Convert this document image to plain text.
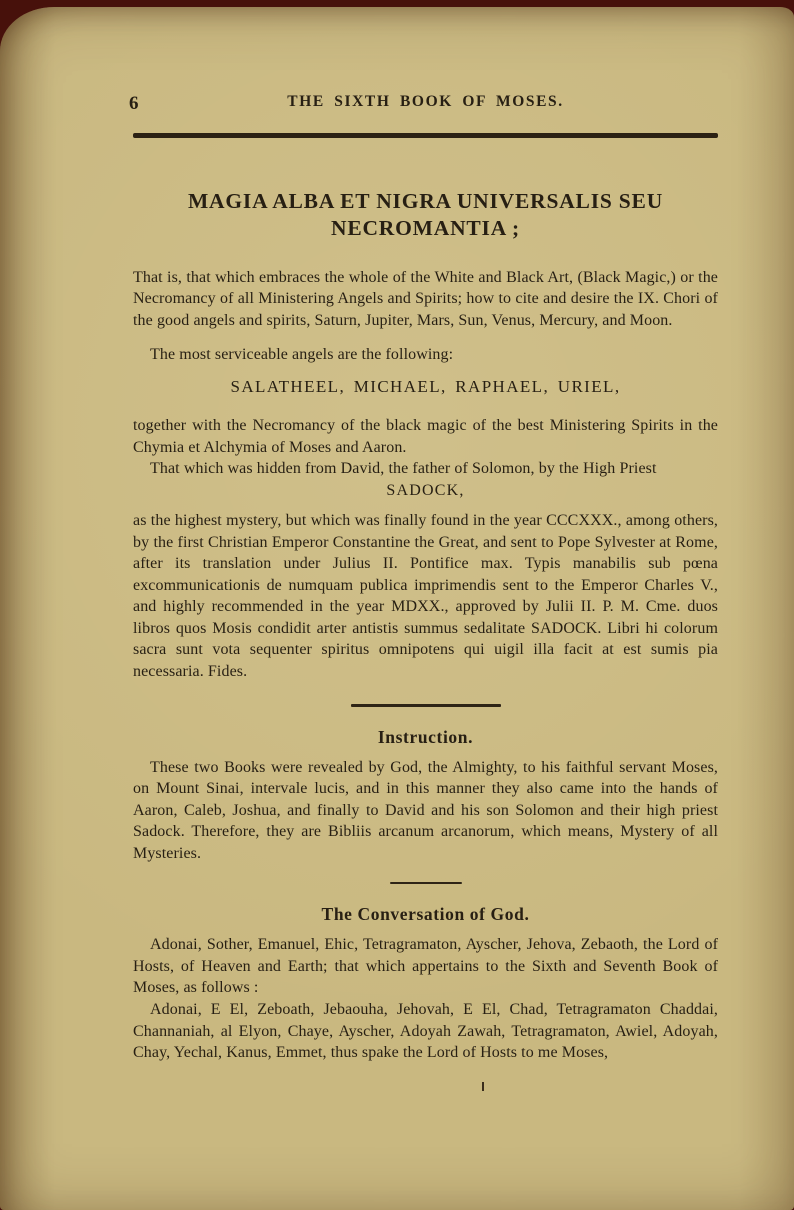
6	THE SIXTH BOOK OF MOSES.
MAGIA ALBA ET NIGRA UNIVERSALIS SEU
NECROMANTIA ;

That is, that which embraces the whole of the White and Black Art, (Black Magic,) or the Necromancy of all Ministering Angels and Spirits; how to cite and desire the IX. Chori of the good angels and spirits, Saturn, Jupiter, Mars, Sun, Venus, Mercury, and Moon.

The most serviceable angels are the following:

SALATHEEL, MICHAEL, RAPHAEL, URIEL,

together with the Necromancy of the black magic of the best Ministering Spirits in the Chymia et Alchymia of Moses and Aaron.

That which was hidden from David, the father of Solomon, by the High Priest

SADOCK,

as the highest mystery, but which was finally found in the year CCCXXX., among others, by the first Christian Emperor Constantine the Great, and sent to Pope Sylvester at Rome, after its translation under Julius II. Pontifice max. Typis manabilis sub pœna excommunicationis de numquam publica imprimendis sent to the Emperor Charles V., and highly recommended in the year MDXX., approved by Julii II. P. M. Cme. duos libros quos Mosis condidit arter antistis summus sedalitate SADOCK. Libri hi colorum sacra sunt vota sequenter spiritus omnipotens qui uigil illa facit at est sumis pia necessaria. Fides.

Instruction.

These two Books were revealed by God, the Almighty, to his faithful servant Moses, on Mount Sinai, intervale lucis, and in this manner they also came into the hands of Aaron, Caleb, Joshua, and finally to David and his son Solomon and their high priest Sadock. Therefore, they are Bibliis arcanum arcanorum, which means, Mystery of all Mysteries.

The Conversation of God.

Adonai, Sother, Emanuel, Ehic, Tetragramaton, Ayscher, Jehova, Zebaoth, the Lord of Hosts, of Heaven and Earth; that which appertains to the Sixth and Seventh Book of Moses, as follows :

Adonai, E El, Zeboath, Jebaouha, Jehovah, E El, Chad, Tetragramaton Chaddai, Channaniah, al Elyon, Chaye, Ayscher, Adoyah Zawah, Tetragramaton, Awiel, Adoyah, Chay, Yechal, Kanus, Emmet, thus spake the Lord of Hosts to me Moses,
